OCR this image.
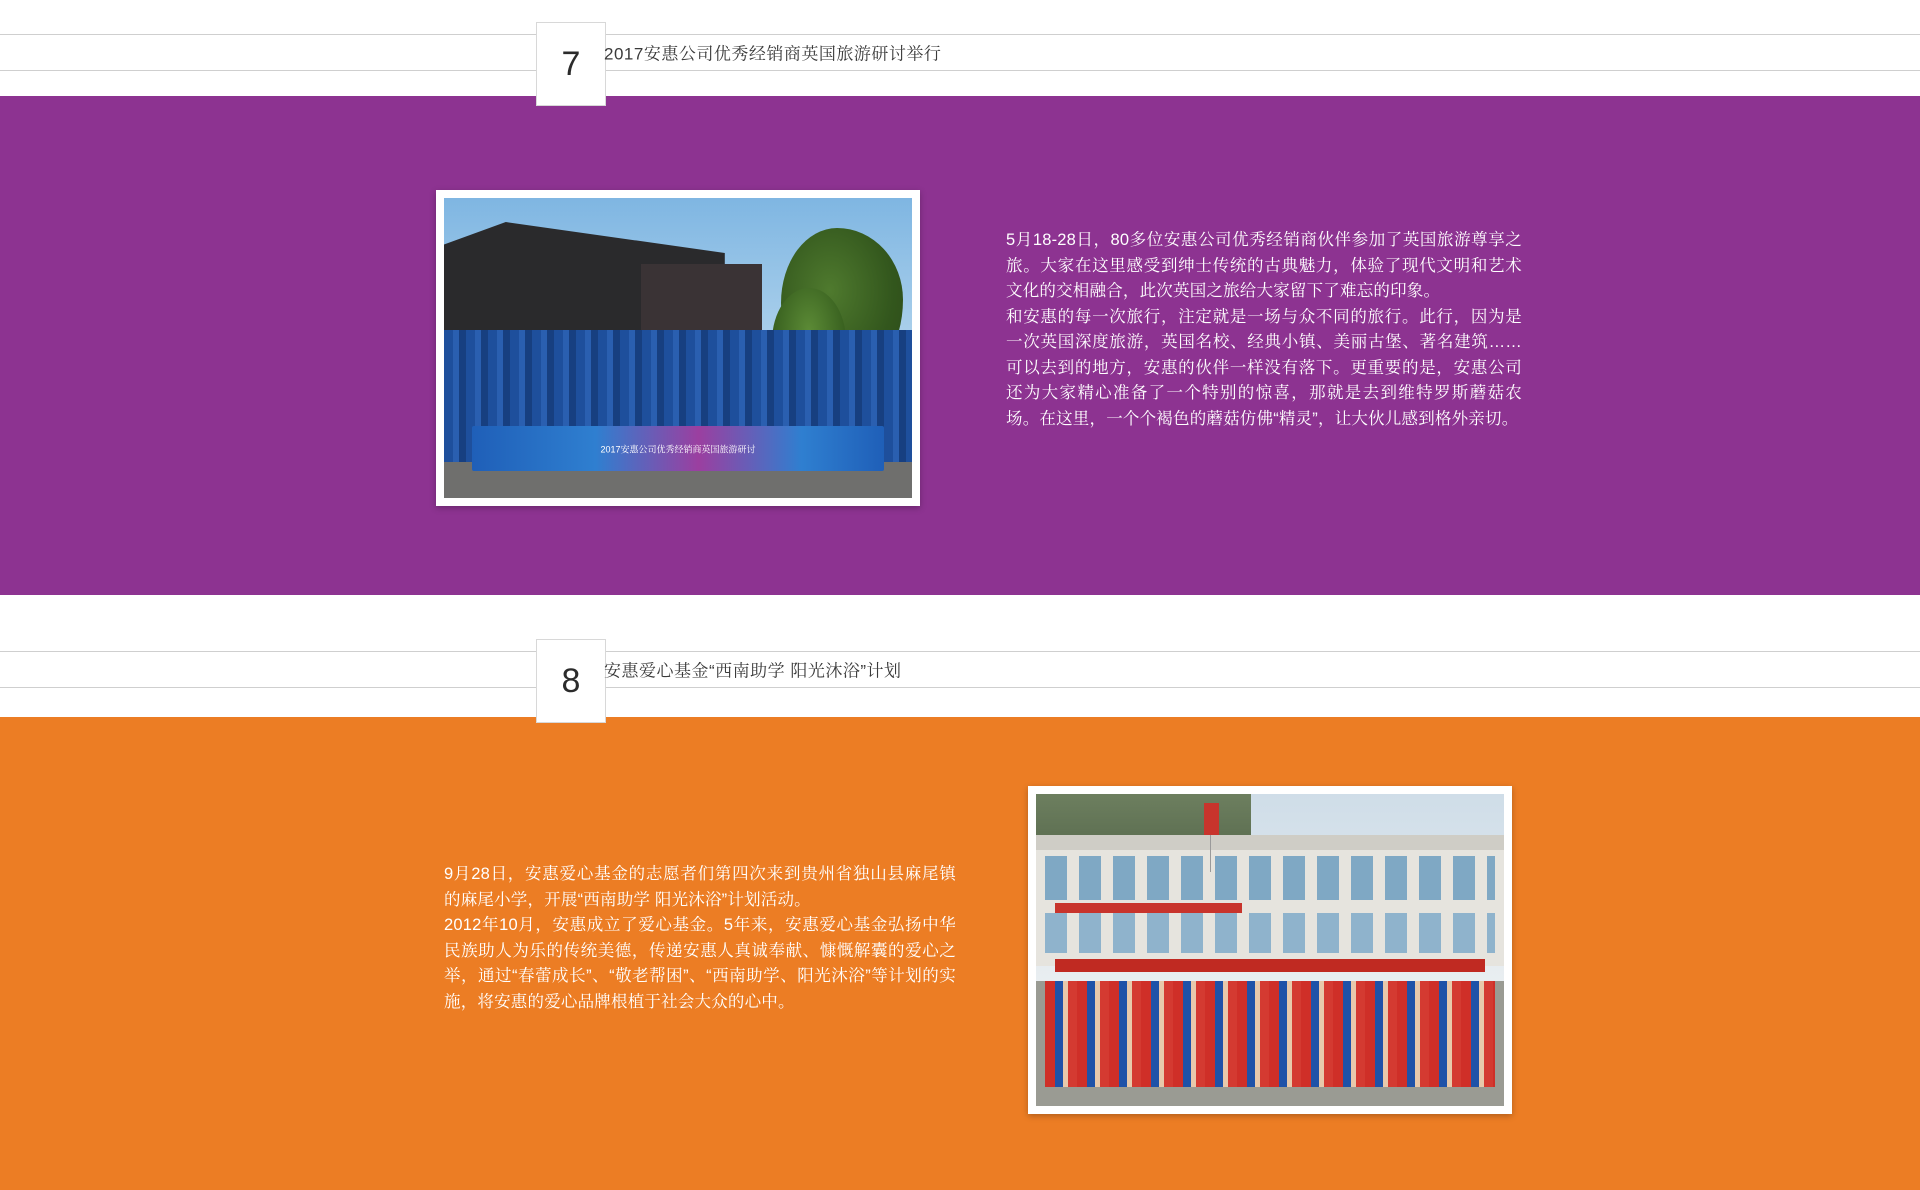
7	2017安惠公司优秀经销商英国旅游研讨举行
2017安惠公司优秀经销商英国旅游研讨

5月18-28日，80多位安惠公司优秀经销商伙伴参加了英国旅游尊享之旅。大家在这里感受到绅士传统的古典魅力，体验了现代文明和艺术文化的交相融合，此次英国之旅给大家留下了难忘的印象。

和安惠的每一次旅行，注定就是一场与众不同的旅行。此行，因为是一次英国深度旅游，英国名校、经典小镇、美丽古堡、著名建筑……可以去到的地方，安惠的伙伴一样没有落下。更重要的是，安惠公司还为大家精心准备了一个特别的惊喜，那就是去到维特罗斯蘑菇农场。在这里，一个个褐色的蘑菇仿佛“精灵”，让大伙儿感到格外亲切。

8	安惠爱心基金“西南助学 阳光沐浴”计划

9月28日，安惠爱心基金的志愿者们第四次来到贵州省独山县麻尾镇的麻尾小学，开展“西南助学 阳光沐浴”计划活动。

2012年10月，安惠成立了爱心基金。5年来，安惠爱心基金弘扬中华民族助人为乐的传统美德，传递安惠人真诚奉献、慷慨解囊的爱心之举，通过“春蕾成长”、“敬老帮困”、“西南助学、阳光沐浴”等计划的实施，将安惠的爱心品牌根植于社会大众的心中。
